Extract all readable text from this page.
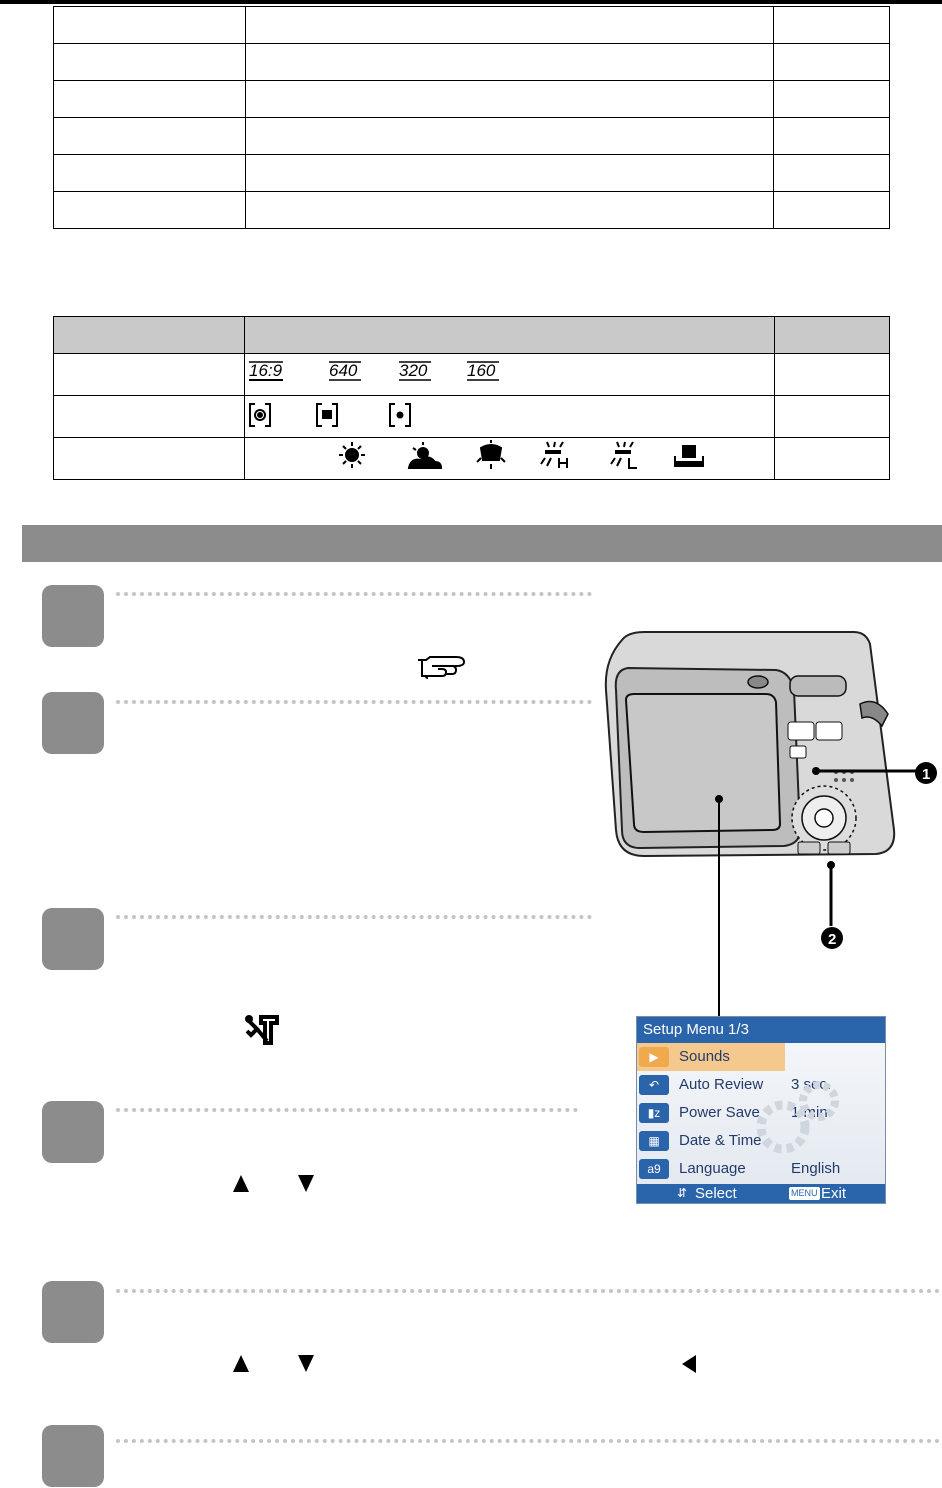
16:9 640 320 160	

1
2
Setup Menu 1/3
▶	Sounds
↶	Auto Review 3 sec.
▮z	Power Save 1 min.
▦	Date & Time
a9	Language	English
⇵ Select	MENU Exit
